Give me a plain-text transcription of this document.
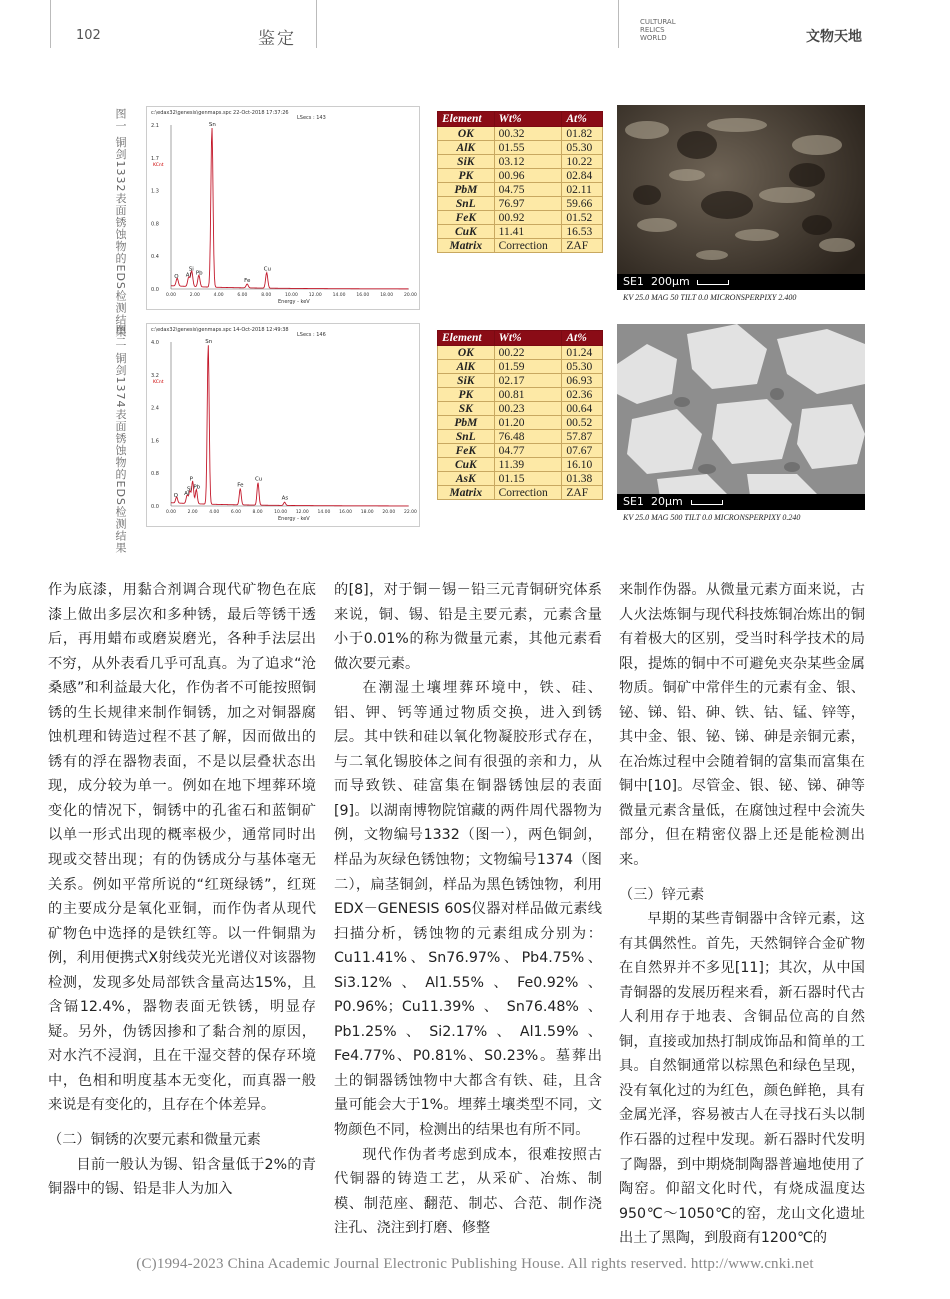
102	鉴定
CULTURAL
RELICS
WORLD	文物天地
图一 铜剑1332表面锈蚀物的EDS检测结果	c:\edax32\genesis\genmaps.spc 22-Oct-2018 17:37:26
LSecs : 143
0.0
0.4
0.8
1.3
1.7
2.1
0.00	2.00	4.00	6.00	8.00	10.00 12.00 14.00 16.00 18.00 20.00
Energy - keV
KCnt
O
Si
Al Pb
Sn
Fe
Cu
Element	Wt%	At%
OK	00.32	01.82
AlK	01.55	05.30
SiK	03.12	10.22
PK	00.96	02.84
PbM	04.75	02.11
SnL	76.97	59.66
FeK	00.92	01.52
CuK	11.41	16.53
Matrix	Correction	ZAF
SE1 200μm
KV 25.0 MAG 50 TILT 0.0 MICRONSPERPIXY 2.400
图二 铜剑1374表面锈蚀物的EDS检测结果	c:\edax32\genesis\genmaps.spc 14-Oct-2018 12:49:38
LSecs : 146
0.0
0.8
1.6
2.4
3.2
4.0
0.00	2.00	4.00	6.00	8.00	10.00 12.00 14.00 16.00 18.00 20.00 22.00
Energy - keV
KCnt
O
P
Al
Si Pb
Sn
Fe
Cu
As
Element	Wt%	At%
OK	00.22	01.24
AlK	01.59	05.30
SiK	02.17	06.93
PK	00.81	02.36
SK	00.23	00.64
PbM	01.20	00.52
SnL	76.48	57.87
FeK	04.77	07.67
CuK	11.39	16.10
AsK	01.15	01.38
Matrix	Correction	ZAF
SE1 20μm
KV 25.0 MAG 500 TILT 0.0 MICRONSPERPIXY 0.240

作为底漆，用黏合剂调合现代矿物色在底漆上做出多层次和多种锈，最后等锈干透后，再用蜡布或磨炭磨光，各种手法层出不穷，从外表看几乎可乱真。为了追求“沧桑感”和利益最大化，作伪者不可能按照铜锈的生长规律来制作铜锈，加之对铜器腐蚀机理和铸造过程不甚了解，因而做出的锈有的浮在器物表面，不是以层叠状态出现，成分较为单一。例如在地下埋葬环境变化的情况下，铜锈中的孔雀石和蓝铜矿以单一形式出现的概率极少，通常同时出现或交替出现；有的伪锈成分与基体毫无关系。例如平常所说的“红斑绿锈”，红斑的主要成分是氧化亚铜，而作伪者从现代矿物色中选择的是铁红等。以一件铜鼎为例，利用便携式X射线荧光光谱仪对该器物检测，发现多处局部铁含量高达15%，且含镉12.4%，器物表面无铁锈，明显存疑。另外，伪锈因掺和了黏合剂的原因，对水汽不浸润，且在干湿交替的保存环境中，色相和明度基本无变化，而真器一般来说是有变化的，且存在个体差异。

（二）铜锈的次要元素和微量元素

目前一般认为锡、铅含量低于2%的青铜器中的锡、铅是非人为加入

的[8]，对于铜－锡－铅三元青铜研究体系来说，铜、锡、铅是主要元素，元素含量小于0.01%的称为微量元素，其他元素看做次要元素。

在潮湿土壤埋葬环境中，铁、硅、铝、钾、钙等通过物质交换，进入到锈层。其中铁和硅以氧化物凝胶形式存在，与二氧化锡胶体之间有很强的亲和力，从而导致铁、硅富集在铜器锈蚀层的表面[9]。以湖南博物院馆藏的两件周代器物为例，文物编号1332（图一），两色铜剑，样品为灰绿色锈蚀物；文物编号1374（图二），扁茎铜剑，样品为黑色锈蚀物，利用EDX－GENESIS 60S仪器对样品做元素线扫描分析，锈蚀物的元素组成分别为：Cu11.41%、Sn76.97%、Pb4.75%、Si3.12%、Al1.55%、Fe0.92%、P0.96%；Cu11.39%、Sn76.48%、Pb1.25%、Si2.17%、Al1.59%、Fe4.77%、P0.81%、S0.23%。墓葬出土的铜器锈蚀物中大都含有铁、硅，且含量可能会大于1%。埋葬土壤类型不同，文物颜色不同，检测出的结果也有所不同。

现代作伪者考虑到成本，很难按照古代铜器的铸造工艺，从采矿、冶炼、制模、制范座、翻范、制芯、合范、制作浇注孔、浇注到打磨、修整

来制作伪器。从微量元素方面来说，古人火法炼铜与现代科技炼铜冶炼出的铜有着极大的区别，受当时科学技术的局限，提炼的铜中不可避免夹杂某些金属物质。铜矿中常伴生的元素有金、银、铋、锑、铅、砷、铁、钴、锰、锌等，其中金、银、铋、锑、砷是亲铜元素，在冶炼过程中会随着铜的富集而富集在铜中[10]。尽管金、银、铋、锑、砷等微量元素含量低，在腐蚀过程中会流失部分，但在精密仪器上还是能检测出来。

（三）锌元素

早期的某些青铜器中含锌元素，这有其偶然性。首先，天然铜锌合金矿物在自然界并不多见[11]；其次，从中国青铜器的发展历程来看，新石器时代古人利用存于地表、含铜品位高的自然铜，直接或加热打制成饰品和简单的工具。自然铜通常以棕黑色和绿色呈现，没有氧化过的为红色，颜色鲜艳，具有金属光泽，容易被古人在寻找石头以制作石器的过程中发现。新石器时代发明了陶器，到中期烧制陶器普遍地使用了陶窑。仰韶文化时代，有烧成温度达950℃～1050℃的窑，龙山文化遗址出土了黑陶，到殷商有1200℃的

(C)1994-2023 China Academic Journal Electronic Publishing House. All rights reserved. http://www.cnki.net
